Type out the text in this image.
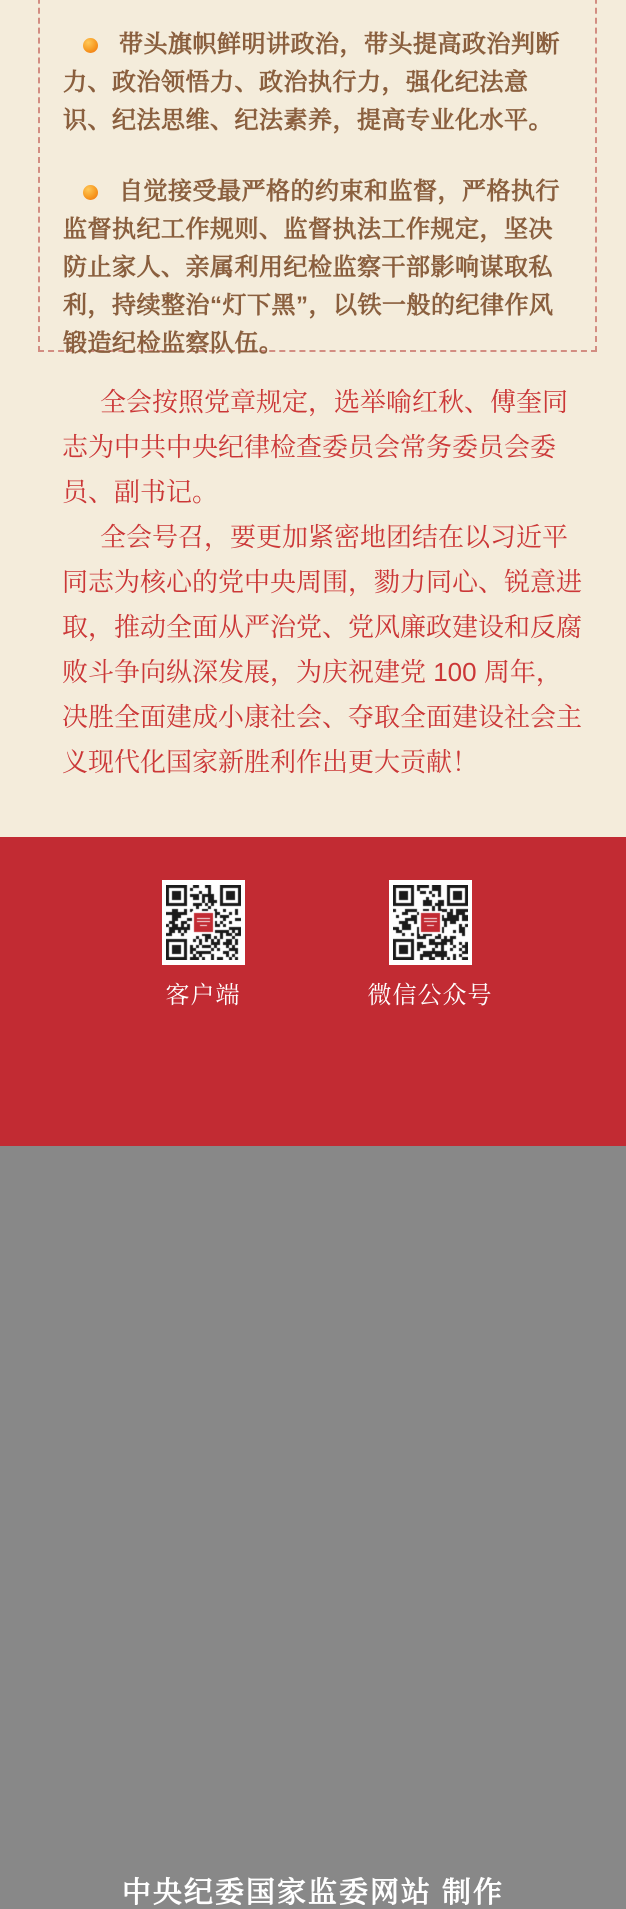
带头旗帜鲜明讲政治，带头提高政治判断力、政治领悟力、政治执行力，强化纪法意识、纪法思维、纪法素养，提高专业化水平。

自觉接受最严格的约束和监督，严格执行监督执纪工作规则、监督执法工作规定，坚决防止家人、亲属利用纪检监察干部影响谋取私利，持续整治“灯下黑”，以铁一般的纪律作风锻造纪检监察队伍。

全会按照党章规定，选举喻红秋、傅奎同志为中共中央纪律检查委员会常务委员会委员、副书记。

全会号召，要更加紧密地团结在以习近平同志为核心的党中央周围，勠力同心、锐意进取，推动全面从严治党、党风廉政建设和反腐败斗争向纵深发展，为庆祝建党 100 周年，决胜全面建成小康社会、夺取全面建设社会主义现代化国家新胜利作出更大贡献！

客户端	微信公众号
中央纪委国家监委网站 制作
